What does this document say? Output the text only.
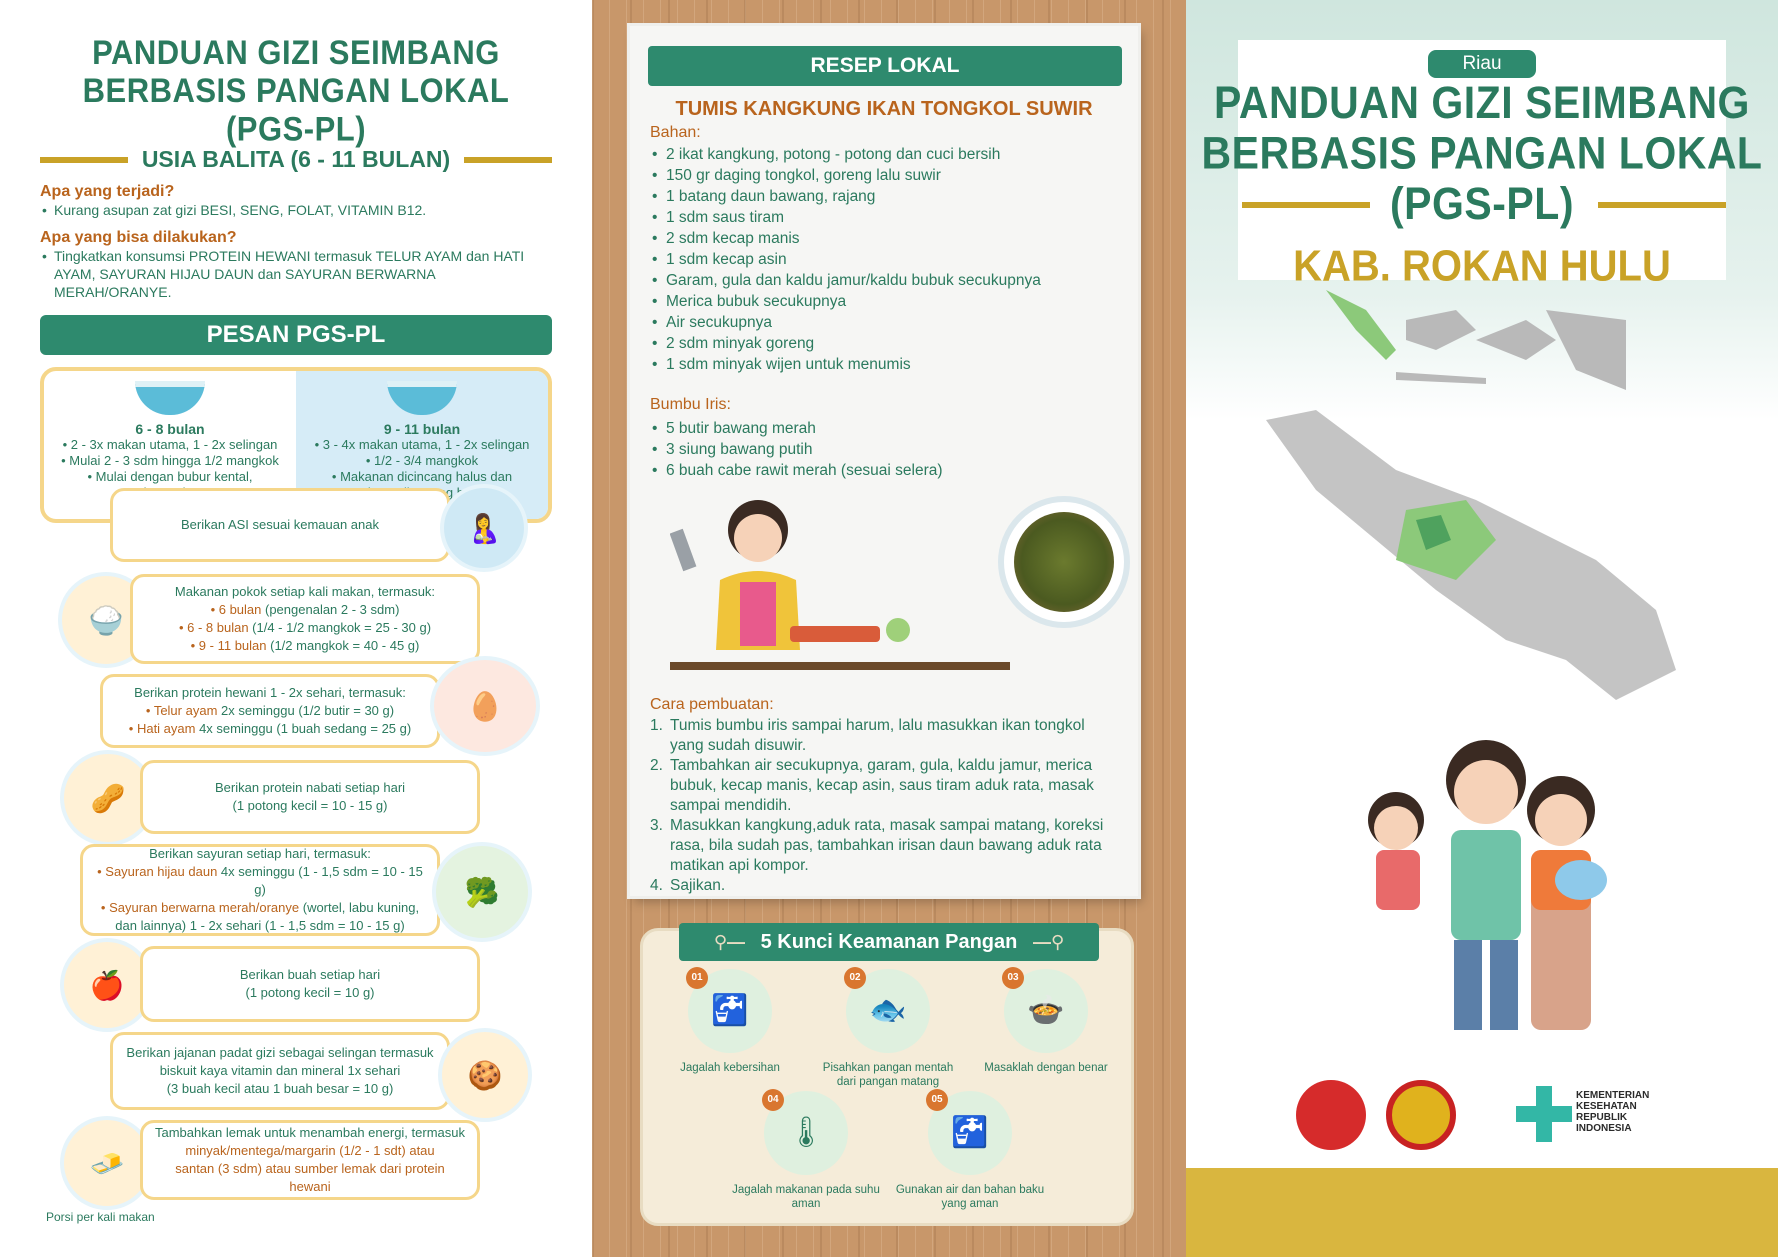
PANDUAN GIZI SEIMBANG
BERBASIS PANGAN LOKAL (PGS-PL)
USIA BALITA (6 - 11 BULAN)
Apa yang terjadi?
• Kurang asupan zat gizi BESI, SENG, FOLAT, VITAMIN B12.
Apa yang bisa dilakukan?
• Tingkatkan konsumsi PROTEIN HEWANI termasuk TELUR AYAM dan HATI AYAM, SAYURAN HIJAU DAUN dan SAYURAN BERWARNA MERAH/ORANYE.
PESAN PGS-PL
6 - 8 bulan
• 2 - 3x makan utama, 1 - 2x selingan
• Mulai 2 - 3 sdm hingga 1/2 mangkok
• Mulai dengan bubur kental,
9 - 11 bulan
• 3 - 4x makan utama, 1 - 2x selingan
• 1/2 - 3/4 mangkok
• Makanan dicincang halus dan
Berikan ASI sesuai kemauan anak	🤱
🍚
Makanan pokok setiap kali makan, termasuk:
• 6 bulan (pengenalan 2 - 3 sdm)
• 6 - 8 bulan (1/4 - 1/2 mangkok = 25 - 30 g)
• 9 - 11 bulan (1/2 mangkok = 40 - 45 g)
Berikan protein hewani 1 - 2x sehari, termasuk:
• Telur ayam 2x seminggu (1/2 butir = 30 g)
• Hati ayam 4x seminggu (1 buah sedang = 25 g)
🥚
🥜	Berikan protein nabati setiap hari
(1 potong kecil = 10 - 15 g)
Berikan sayuran setiap hari, termasuk:
• Sayuran hijau daun 4x seminggu (1 - 1,5 sdm = 10 - 15 g)
• Sayuran berwarna merah/oranye (wortel, labu kuning,
dan lainnya) 1 - 2x sehari (1 - 1,5 sdm = 10 - 15 g)
🥦
🍎	Berikan buah setiap hari
(1 potong kecil = 10 g)
Berikan jajanan padat gizi sebagai selingan termasuk
biskuit kaya vitamin dan mineral 1x sehari
(3 buah kecil atau 1 buah besar = 10 g)	🍪
🧈
Tambahkan lemak untuk menambah energi, termasuk
minyak/mentega/margarin (1/2 - 1 sdt) atau
santan (3 sdm) atau sumber lemak dari protein hewani
Porsi per kali makan
RESEP LOKAL
TUMIS KANGKUNG IKAN TONGKOL SUWIR
Bahan:
• 2 ikat kangkung, potong - potong dan cuci bersih
• 150 gr daging tongkol, goreng lalu suwir
• 1 batang daun bawang, rajang
• 1 sdm saus tiram
• 2 sdm kecap manis
• 1 sdm kecap asin
• Garam, gula dan kaldu jamur/kaldu bubuk secukupnya
• Merica bubuk secukupnya
• Air secukupnya
• 2 sdm minyak goreng
• 1 sdm minyak wijen untuk menumis
Bumbu Iris:
• 5 butir bawang merah
• 3 siung bawang putih
• 6 buah cabe rawit merah (sesuai selera)
Cara pembuatan:
1. Tumis bumbu iris sampai harum, lalu masukkan ikan tongkol yang sudah disuwir.
2. Tambahkan air secukupnya, garam, gula, kaldu jamur, merica bubuk, kecap manis, kecap asin, saus tiram aduk rata, masak sampai mendidih.
3. Masukkan kangkung,aduk rata, masak sampai matang, koreksi rasa, bila sudah pas, tambahkan irisan daun bawang aduk rata matikan api kompor.
4. Sajikan.
⚲—   5 Kunci Keamanan Pangan   —⚲
01
🚰
Jagalah kebersihan
02
🐟
Pisahkan pangan mentah dari pangan matang
03
🍲
Masaklah dengan benar
04
🌡
Jagalah makanan pada suhu aman
05
🚰
Gunakan air dan bahan baku yang aman
Riau
PANDUAN GIZI SEIMBANG
BERBASIS PANGAN LOKAL
(PGS-PL)
KAB. ROKAN HULU
KEMENTERIAN
KESEHATAN
REPUBLIK
INDONESIA
